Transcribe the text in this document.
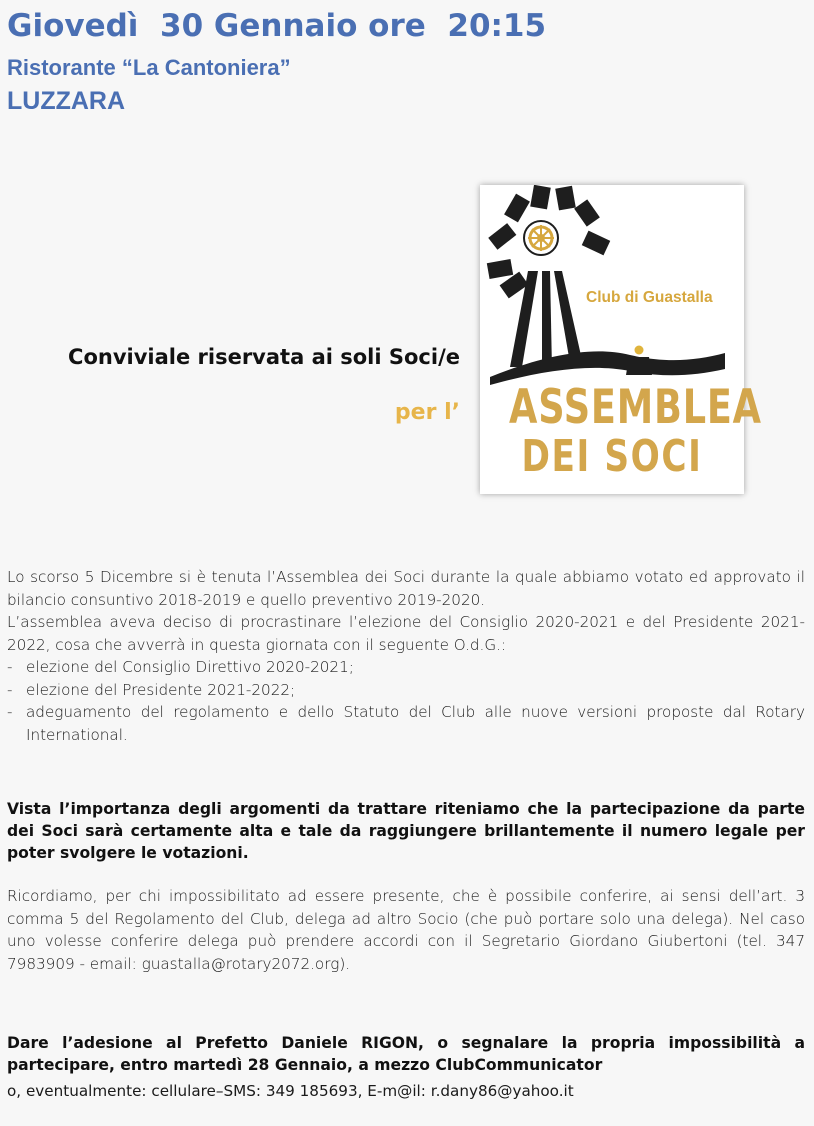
Giovedì  30 Gennaio ore  20:15
Ristorante “La Cantoniera”
LUZZARA
Conviviale riservata ai soli Soci/e
per l’
Club di Guastalla
ASSEMBLEA
DEI SOCI

Lo scorso 5 Dicembre si è tenuta l’Assemblea dei Soci durante la quale abbiamo votato ed approvato il bilancio consuntivo 2018-2019 e quello preventivo 2019-2020.

L’assemblea aveva deciso di procrastinare l’elezione del Consiglio 2020-2021 e del Presidente 2021-2022, cosa che avverrà in questa giornata con il seguente O.d.G.:

- elezione del Consiglio Direttivo 2020-2021;
- elezione del Presidente 2021-2022;
- adeguamento del regolamento e dello Statuto del Club alle nuove versioni proposte dal Rotary International.
Vista l’importanza degli argomenti da trattare riteniamo che la partecipazione da parte dei Soci sarà certamente alta e tale da raggiungere brillantemente il numero legale per poter svolgere le votazioni.
Ricordiamo, per chi impossibilitato ad essere presente, che è possibile conferire, ai sensi dell’art. 3 comma 5 del Regolamento del Club, delega ad altro Socio (che può portare solo una delega). Nel caso uno volesse conferire delega può prendere accordi con il Segretario Giordano Giubertoni (tel. 347 7983909 - email: guastalla@rotary2072.org).
Dare l’adesione al Prefetto Daniele RIGON, o segnalare la propria impossibilità a partecipare, entro martedì 28 Gennaio, a mezzo ClubCommunicator
o, eventualmente: cellulare–SMS: 349 185693, E-m@il: r.dany86@yahoo.it
